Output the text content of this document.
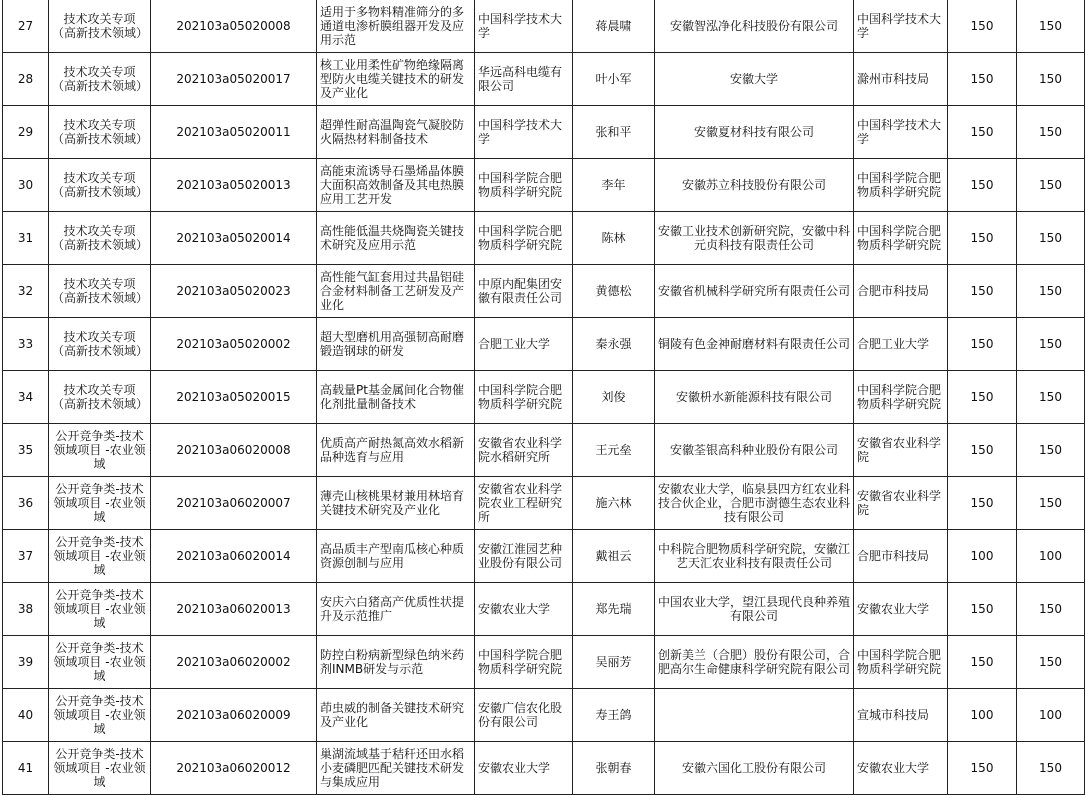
27	技术攻关专项 （高新技术领域）	202103a05020008	适用于多物料精准筛分的多通道电渗析膜组器开发及应用示范	中国科学技术大学	蒋晨啸	安徽智泓净化科技股份有限公司	中国科学技术大学	150	150
28	技术攻关专项 （高新技术领域）	202103a05020017	核工业用柔性矿物绝缘隔离型防火电缆关键技术的研发及产业化	华远高科电缆有限公司	叶小军	安徽大学	滁州市科技局	150	150
29	技术攻关专项 （高新技术领域）	202103a05020011	超弹性耐高温陶瓷气凝胶防火隔热材料制备技术	中国科学技术大学	张和平	安徽夏材科技有限公司	中国科学技术大学	150	150
30	技术攻关专项 （高新技术领域）	202103a05020013	高能束流诱导石墨烯晶体膜大面积高效制备及其电热膜应用工艺开发	中国科学院合肥物质科学研究院	李年	安徽苏立科技股份有限公司	中国科学院合肥物质科学研究院	150	150
31	技术攻关专项 （高新技术领域）	202103a05020014	高性能低温共烧陶瓷关键技术研究及应用示范	中国科学院合肥物质科学研究院	陈林	安徽工业技术创新研究院，安徽中科元贞科技有限责任公司	中国科学院合肥物质科学研究院	150	150
32	技术攻关专项 （高新技术领域）	202103a05020023	高性能气缸套用过共晶铝硅合金材料制备工艺研发及产业化	中原内配集团安徽有限责任公司	黄德松	安徽省机械科学研究所有限责任公司	合肥市科技局	150	150
33	技术攻关专项 （高新技术领域）	202103a05020002	超大型磨机用高强韧高耐磨锻造钢球的研发	合肥工业大学	秦永强	铜陵有色金神耐磨材料有限责任公司	合肥工业大学	150	150
34	技术攻关专项 （高新技术领域）	202103a05020015	高载量Pt基金属间化合物催化剂批量制备技术	中国科学院合肥物质科学研究院	刘俊	安徽枡水新能源科技有限公司	中国科学院合肥物质科学研究院	150	150
35	公开竞争类-技术领域项目 -农业领域	202103a06020008	优质高产耐热氮高效水稻新品种选育与应用	安徽省农业科学院水稻研究所	王元垒	安徽荃银高科种业股份有限公司	安徽省农业科学院	150	150
36	公开竞争类-技术领域项目 -农业领域	202103a06020007	薄壳山核桃果材兼用林培育关键技术研究及产业化	安徽省农业科学院农业工程研究所	施六林	安徽农业大学，临泉县四方红农业科技合伙企业，合肥市澍德生态农业科技有限公司	安徽省农业科学院	150	150
37	公开竞争类-技术领域项目 -农业领域	202103a06020014	高品质丰产型南瓜核心种质资源创制与应用	安徽江淮园艺种业股份有限公司	戴祖云	中科院合肥物质科学研究院，安徽江艺天汇农业科技有限责任公司	合肥市科技局	100	100
38	公开竞争类-技术领域项目 -农业领域	202103a06020013	安庆六白猪高产优质性状提升及示范推广	安徽农业大学	郑先瑞	中国农业大学，望江县现代良种养殖有限公司	安徽农业大学	150	150
39	公开竞争类-技术领域项目 -农业领域	202103a06020002	防控白粉病新型绿色纳米药剂INMB研发与示范	中国科学院合肥物质科学研究院	吴丽芳	创新美兰（合肥）股份有限公司，合肥高尔生命健康科学研究院有限公司	中国科学院合肥物质科学研究院	150	150
40	公开竞争类-技术领域项目 -农业领域	202103a06020009	茚虫威的制备关键技术研究及产业化	安徽广信农化股份有限公司	寿王鸽		宣城市科技局	100	100
41	公开竞争类-技术领域项目 -农业领域	202103a06020012	巢湖流域基于秸秆还田水稻小麦磷肥匹配关键技术研发与集成应用	安徽农业大学	张朝春	安徽六国化工股份有限公司	安徽农业大学	150	150
